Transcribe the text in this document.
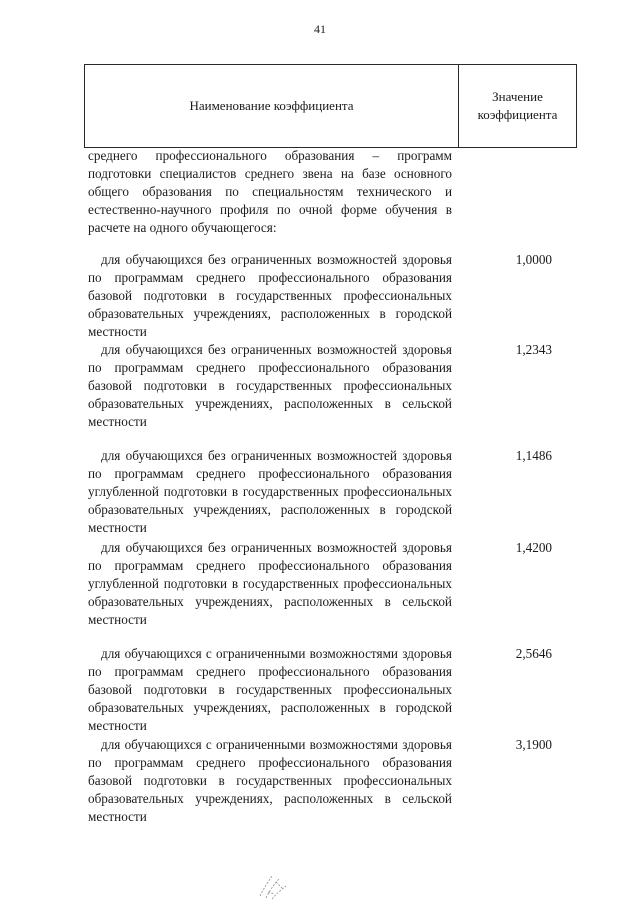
41
Наименование коэффициента
Значение
коэффициента
среднего профессионального образования – программ подготовки специалистов среднего звена на базе основного общего образования по специальностям технического и естественно-научного профиля по очной форме обучения в расчете на одного обучающегося:
для обучающихся без ограниченных возможностей здоровья по программам среднего профессионального образования базовой подготовки в государственных профессиональных образовательных учреждениях, расположенных в городской местности
1,0000
для обучающихся без ограниченных возможностей здоровья по программам среднего профессионального образования базовой подготовки в государственных профессиональных образовательных учреждениях, расположенных в сельской местности
1,2343
для обучающихся без ограниченных возможностей здоровья по программам среднего профессионального образования углубленной подготовки в государственных профессиональных образовательных учреждениях, расположенных в городской местности
1,1486
для обучающихся без ограниченных возможностей здоровья по программам среднего профессионального образования углубленной подготовки в государственных профессиональных образовательных учреждениях, расположенных в сельской местности
1,4200
для обучающихся с ограниченными возможностями здоровья по программам среднего профессионального образования базовой подготовки в государственных профессиональных образовательных учреждениях, расположенных в городской местности
2,5646
для обучающихся с ограниченными возможностями здоровья по программам среднего профессионального образования базовой подготовки в государственных профессиональных образовательных учреждениях, расположенных в сельской местности
3,1900
